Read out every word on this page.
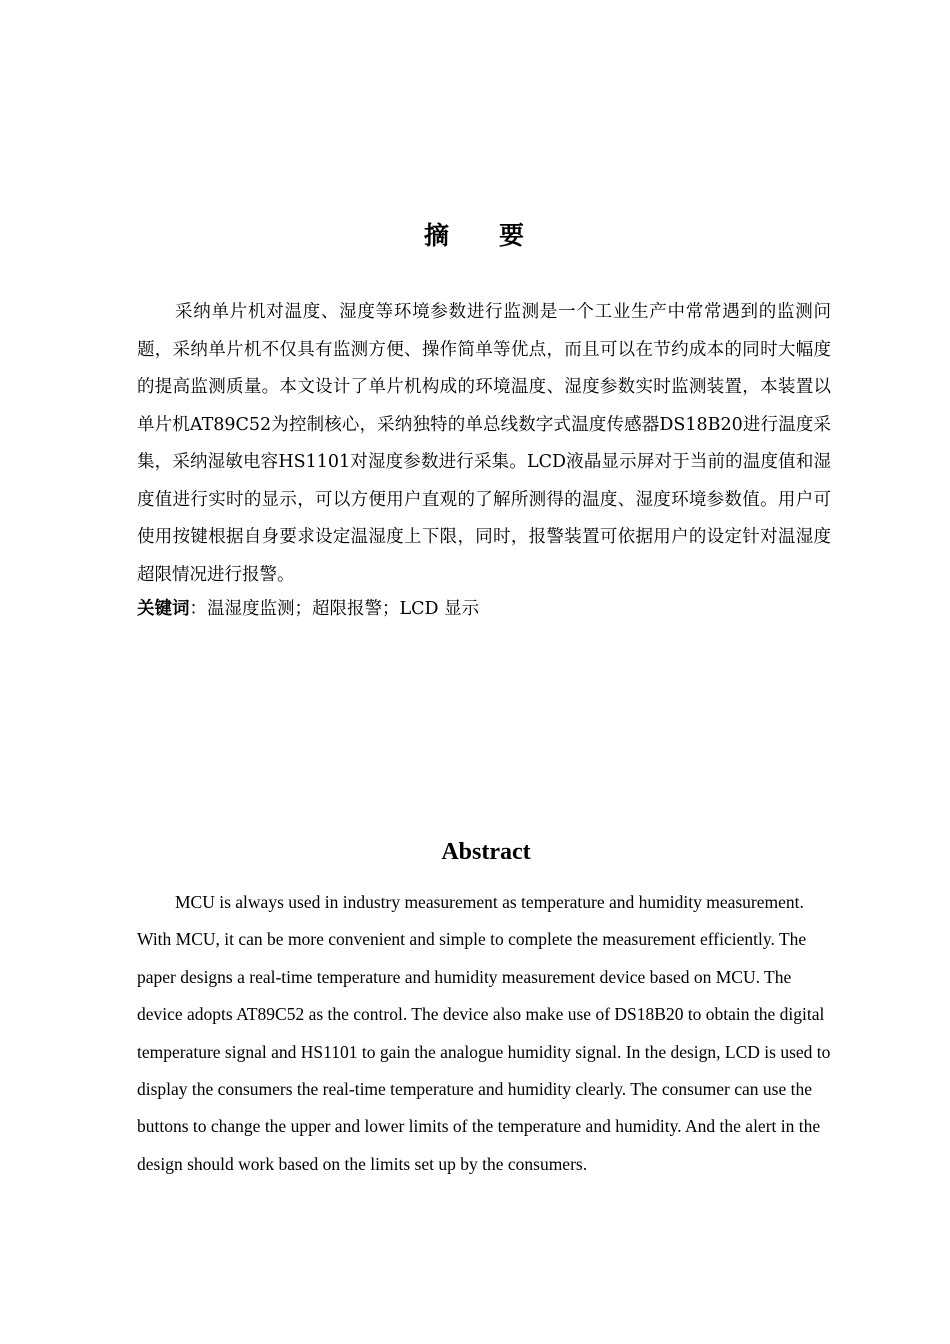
摘 要

采纳单片机对温度、湿度等环境参数进行监测是一个工业生产中常常遇到的监测问题，采纳单片机不仅具有监测方便、操作简单等优点，而且可以在节约成本的同时大幅度的提高监测质量。本文设计了单片机构成的环境温度、湿度参数实时监测装置，本装置以单片机AT89C52为控制核心，采纳独特的单总线数字式温度传感器DS18B20进行温度采集，采纳湿敏电容HS1101对湿度参数进行采集。LCD液晶显示屏对于当前的温度值和湿度值进行实时的显示，可以方便用户直观的了解所测得的温度、湿度环境参数值。用户可使用按键根据自身要求设定温湿度上下限，同时，报警装置可依据用户的设定针对温湿度超限情况进行报警。

关键词：温湿度监测；超限报警；LCD 显示
Abstract

MCU is always used in industry measurement as temperature and humidity measurement. With MCU, it can be more convenient and simple to complete the measurement efficiently. The paper designs a real-time temperature and humidity measurement device based on MCU. The device adopts AT89C52 as the control. The device also make use of DS18B20 to obtain the digital temperature signal and HS1101 to gain the analogue humidity signal. In the design, LCD is used to display the consumers the real-time temperature and humidity clearly. The consumer can use the buttons to change the upper and lower limits of the temperature and humidity. And the alert in the design should work based on the limits set up by the consumers.
